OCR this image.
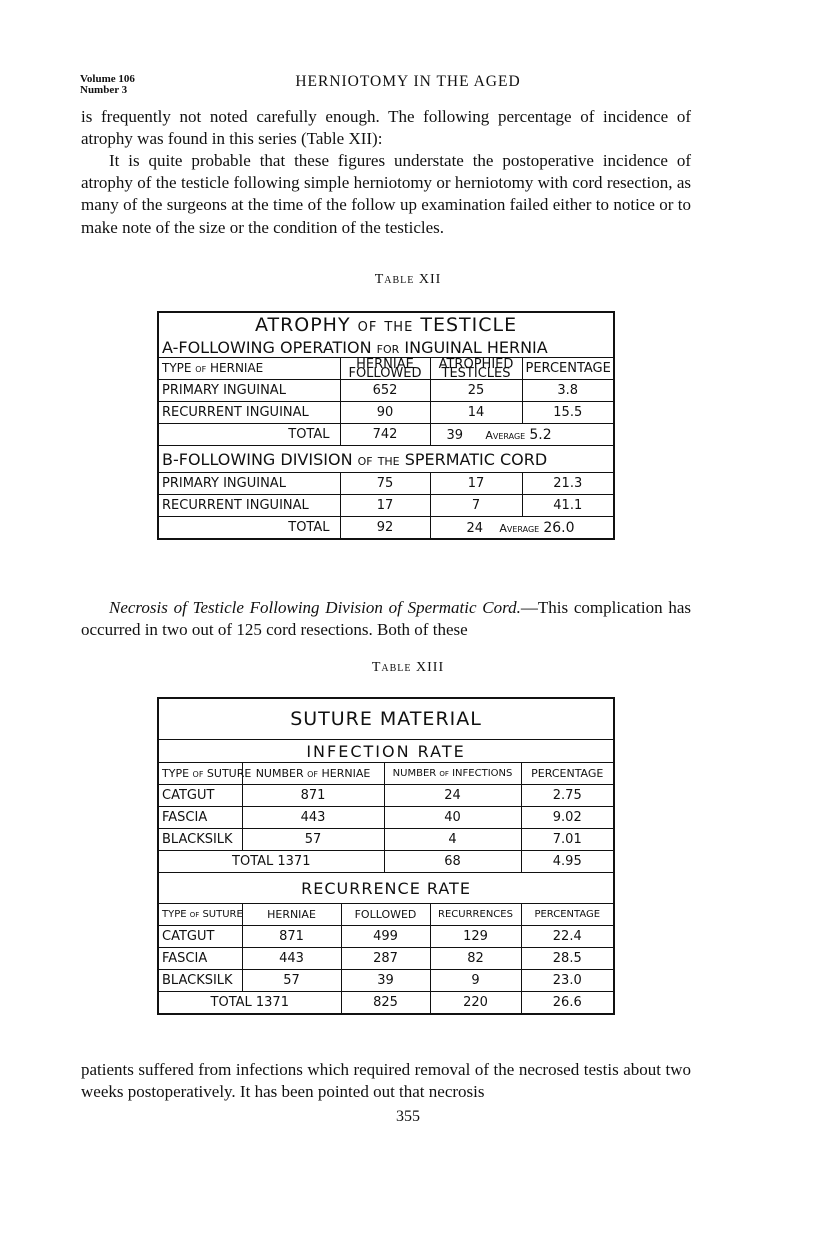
Volume 106
Number 3	HERNIOTOMY IN THE AGED

is frequently not noted carefully enough. The following percentage of incidence of atrophy was found in this series (Table XII):

It is quite probable that these figures understate the postoperative incidence of atrophy of the testicle following simple herniotomy or herniotomy with cord resection, as many of the surgeons at the time of the follow up examination failed either to notice or to make note of the size or the condition of the testicles.

Table XII
ATROPHY of the TESTICLE			
A-FOLLOWING OPERATION for INGUINAL HERNIA			
TYPE of HERNIAE	HERNIAE FOLLOWED	ATROPHIED TESTICLES	PERCENTAGE
PRIMARY INGUINAL	652	25	3.8
RECURRENT INGUINAL	90	14	15.5
TOTAL	742	39 Average 5.2	
B-FOLLOWING DIVISION of the SPERMATIC CORD			
PRIMARY INGUINAL	75	17	21.3
RECURRENT INGUINAL	17	7	41.1
TOTAL	92	24 Average 26.0	

Necrosis of Testicle Following Division of Spermatic Cord.—This complication has occurred in two out of 125 cord resections. Both of these

Table XIII
SUTURE MATERIAL					
INFECTION RATE					
TYPE of SUTURE	NUMBER of HERNIAE		NUMBER of INFECTIONS		PERCENTAGE
CATGUT	871		24		2.75
FASCIA	443		40		9.02
BLACKSILK	57		4		7.01
TOTAL 1371			68		4.95
RECURRENCE RATE					
TYPE of SUTURE	HERNIAE	FOLLOWED		RECURRENCES	PERCENTAGE
CATGUT	871	499		129	22.4
FASCIA	443	287		82	28.5
BLACKSILK	57	39		9	23.0
TOTAL 1371		825		220	26.6

patients suffered from infections which required removal of the necrosed testis about two weeks postoperatively. It has been pointed out that necrosis

355
